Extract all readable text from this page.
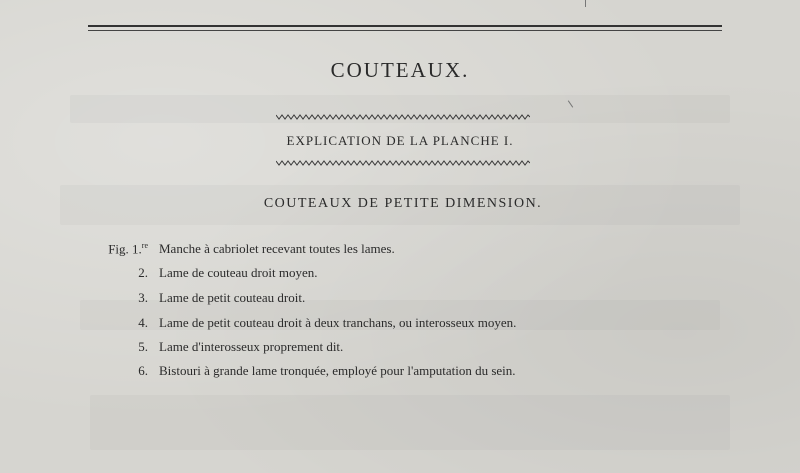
COUTEAUX.
EXPLICATION DE LA PLANCHE I.
COUTEAUX DE PETITE DIMENSION.
Fig. 1.$^{re}$ Manche à cabriolet recevant toutes les lames.
2. Lame de couteau droit moyen.
3. Lame de petit couteau droit.
4. Lame de petit couteau droit à deux tranchans, ou interosseux moyen.
5. Lame d'interosseux proprement dit.
6. Bistouri à grande lame tronquée, employé pour l'amputation du sein.
